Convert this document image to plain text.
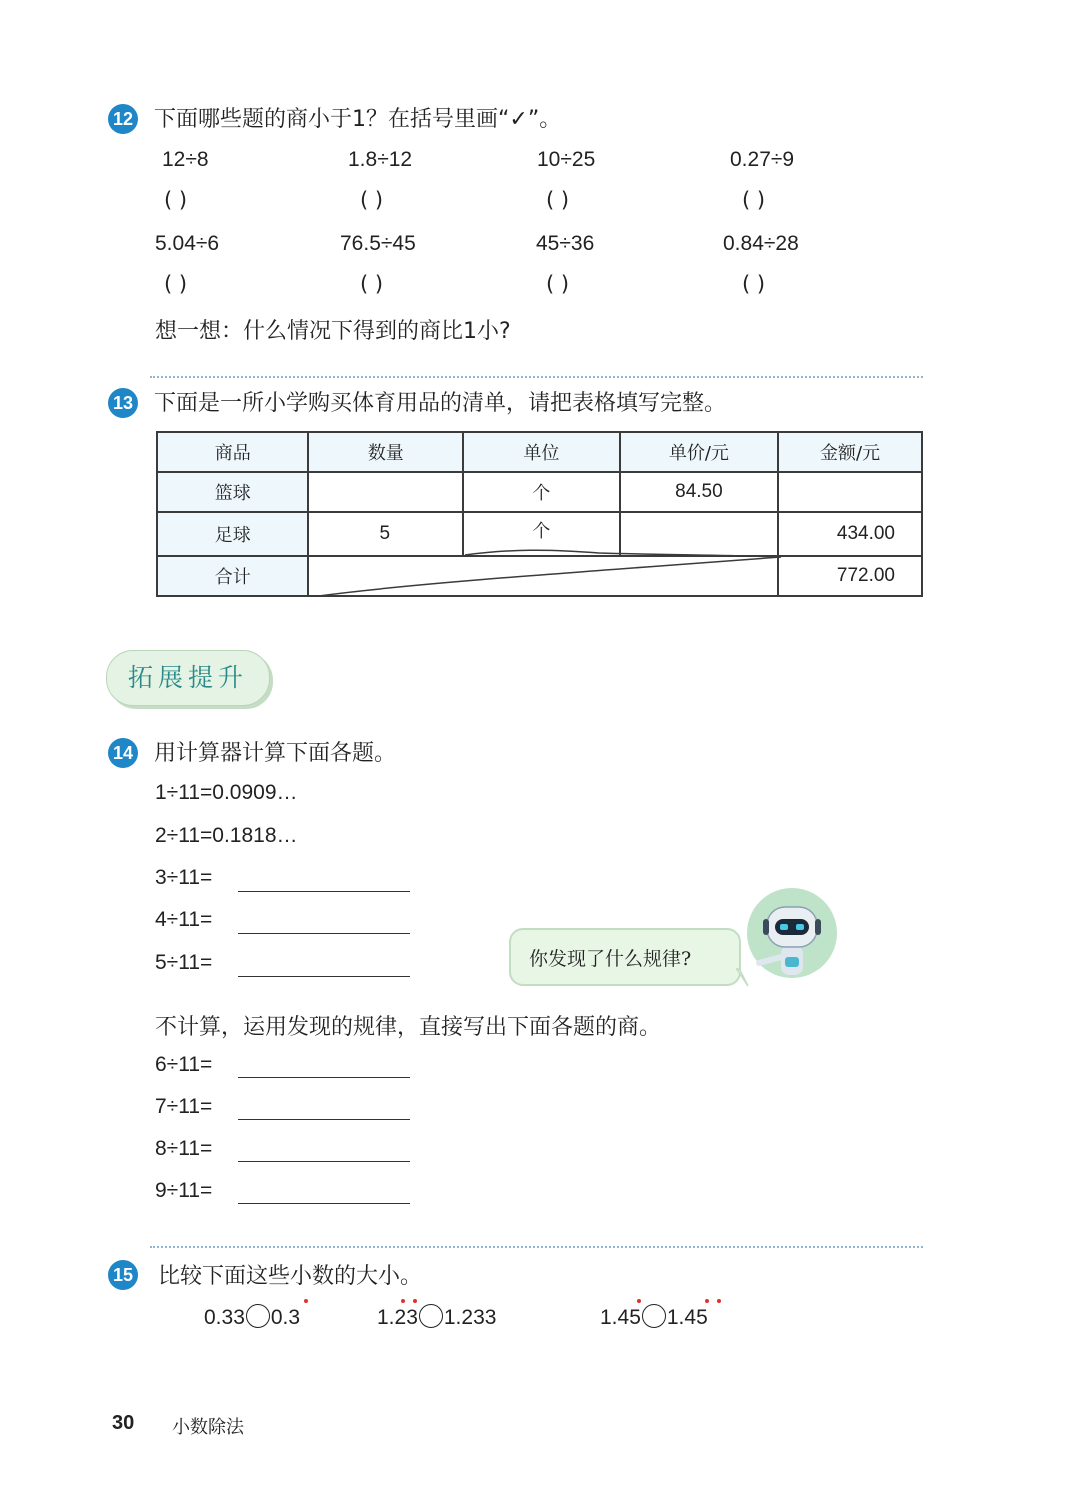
12 下面哪些题的商小于1？在括号里画“✓”。
12÷8	1.8÷12	10÷25	0.27÷9
( )	( )	( )	( )
5.04÷6	76.5÷45	45÷36	0.84÷28
( )	( )	( )	( )
想一想：什么情况下得到的商比1小?
13 下面是一所小学购买体育用品的清单，请把表格填写完整。
商品	数量	单位	单价/元	金额/元
篮球		个	84.50	
足球	5	个		434.00
合计				772.00
拓展提升
14 用计算器计算下面各题。
1÷11=0.0909…
2÷11=0.1818…
3÷11=
4÷11=
5÷11=	你发现了什么规律?
不计算，运用发现的规律，直接写出下面各题的商。
6÷11=
7÷11=
8÷11=
9÷11=
15 比较下面这些小数的大小。
0.33 0.3	1.23 1.233	1.45 1.45
30 小数除法
